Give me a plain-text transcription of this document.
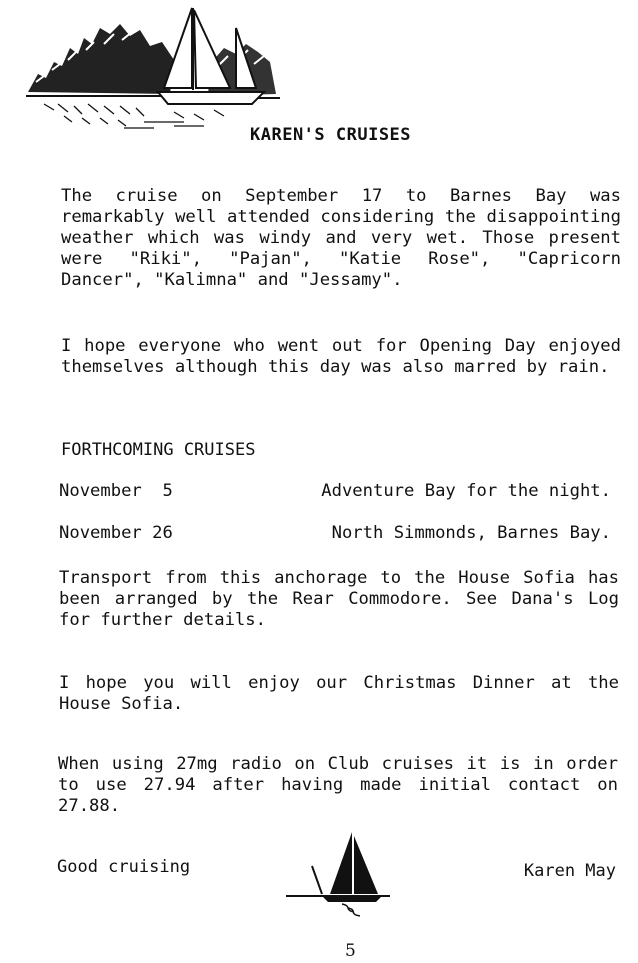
KAREN'S CRUISES
The cruise on September 17 to Barnes Bay was remarkably well attended considering the disappointing weather which was windy and very wet. Those present were "Riki", "Pajan", "Katie Rose", "Capricorn Dancer", "Kalimna" and "Jessamy".
I hope everyone who went out for Opening Day enjoyed themselves although this day was also marred by rain.
FORTHCOMING CRUISES
November  5	Adventure Bay for the night.
November 26	North Simmonds, Barnes Bay.
Transport from this anchorage to the House Sofia has been arranged by the Rear Commodore. See Dana's Log for further details.
I hope you will enjoy our Christmas Dinner at the House Sofia.
When using 27mg radio on Club cruises it is in order to use 27.94 after having made initial contact on 27.88.
Good cruising	Karen May
5
